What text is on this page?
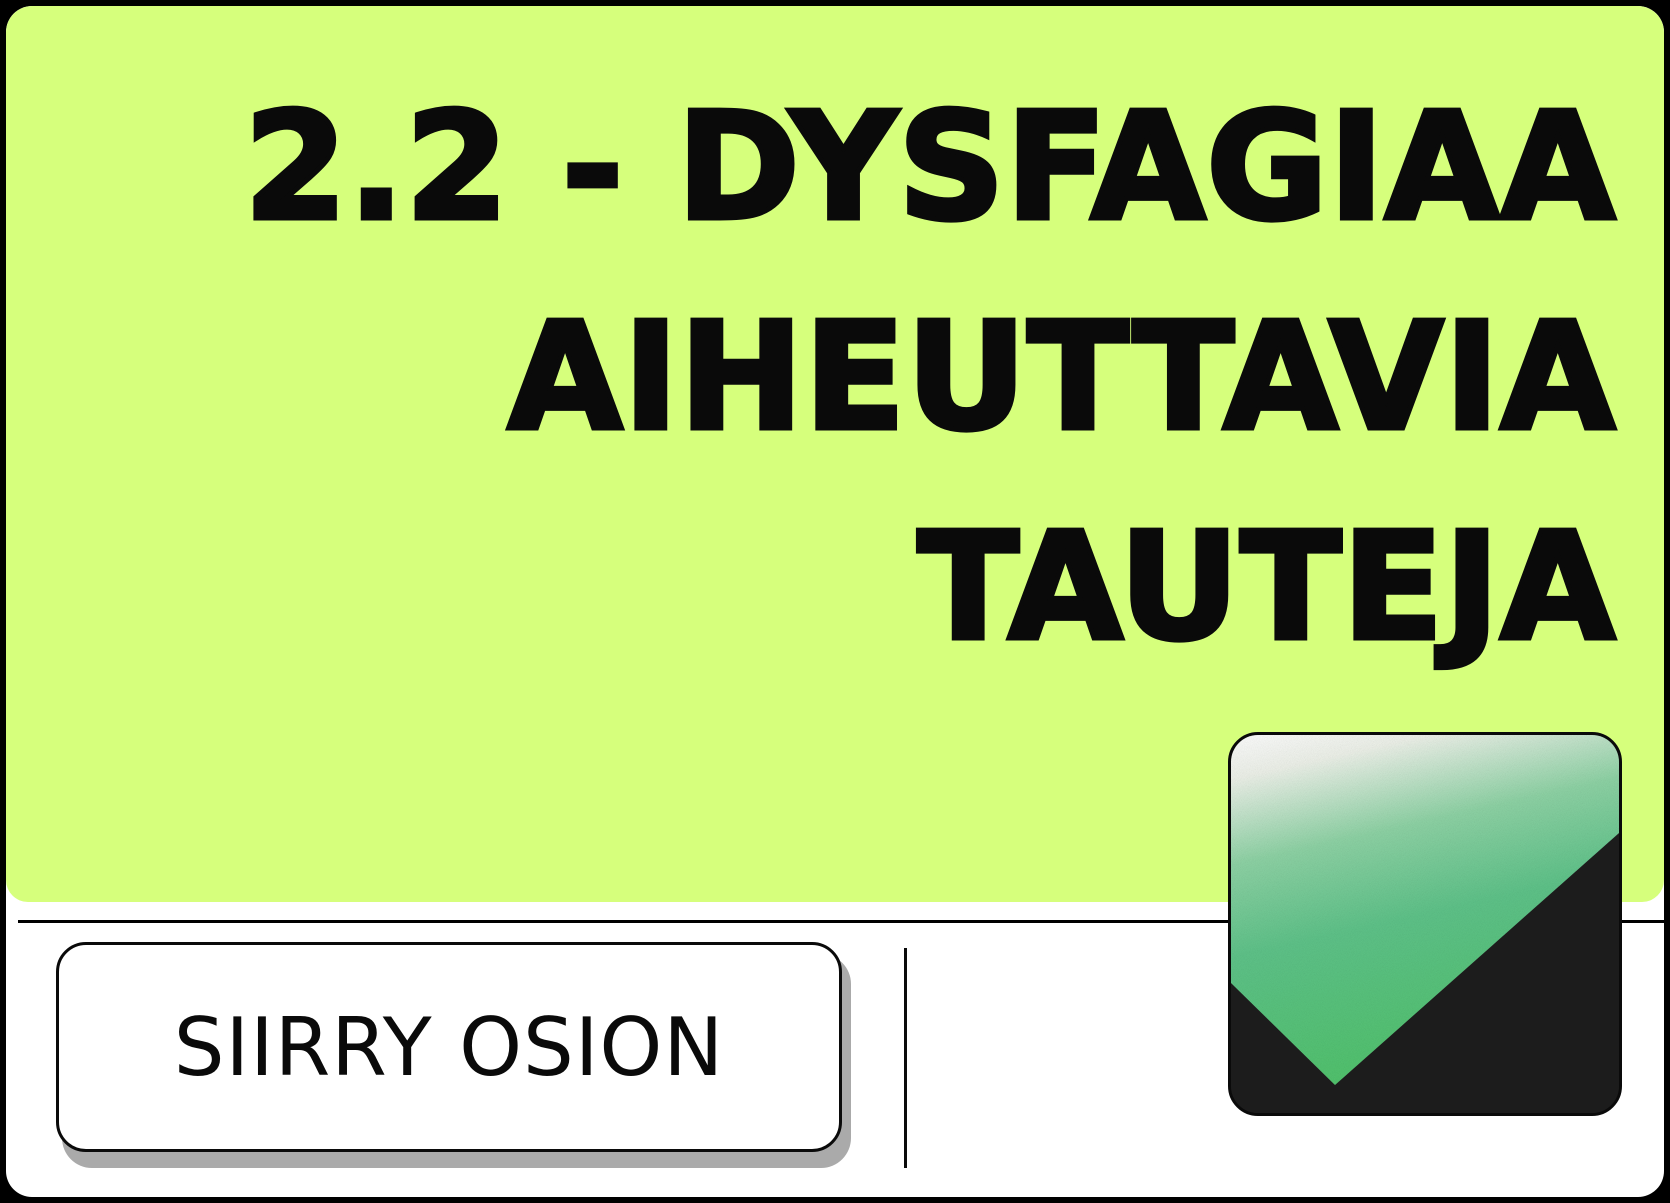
2.2 - DYSFAGIAA
AIHEUTTAVIA
TAUTEJA
SIIRRY OSION
